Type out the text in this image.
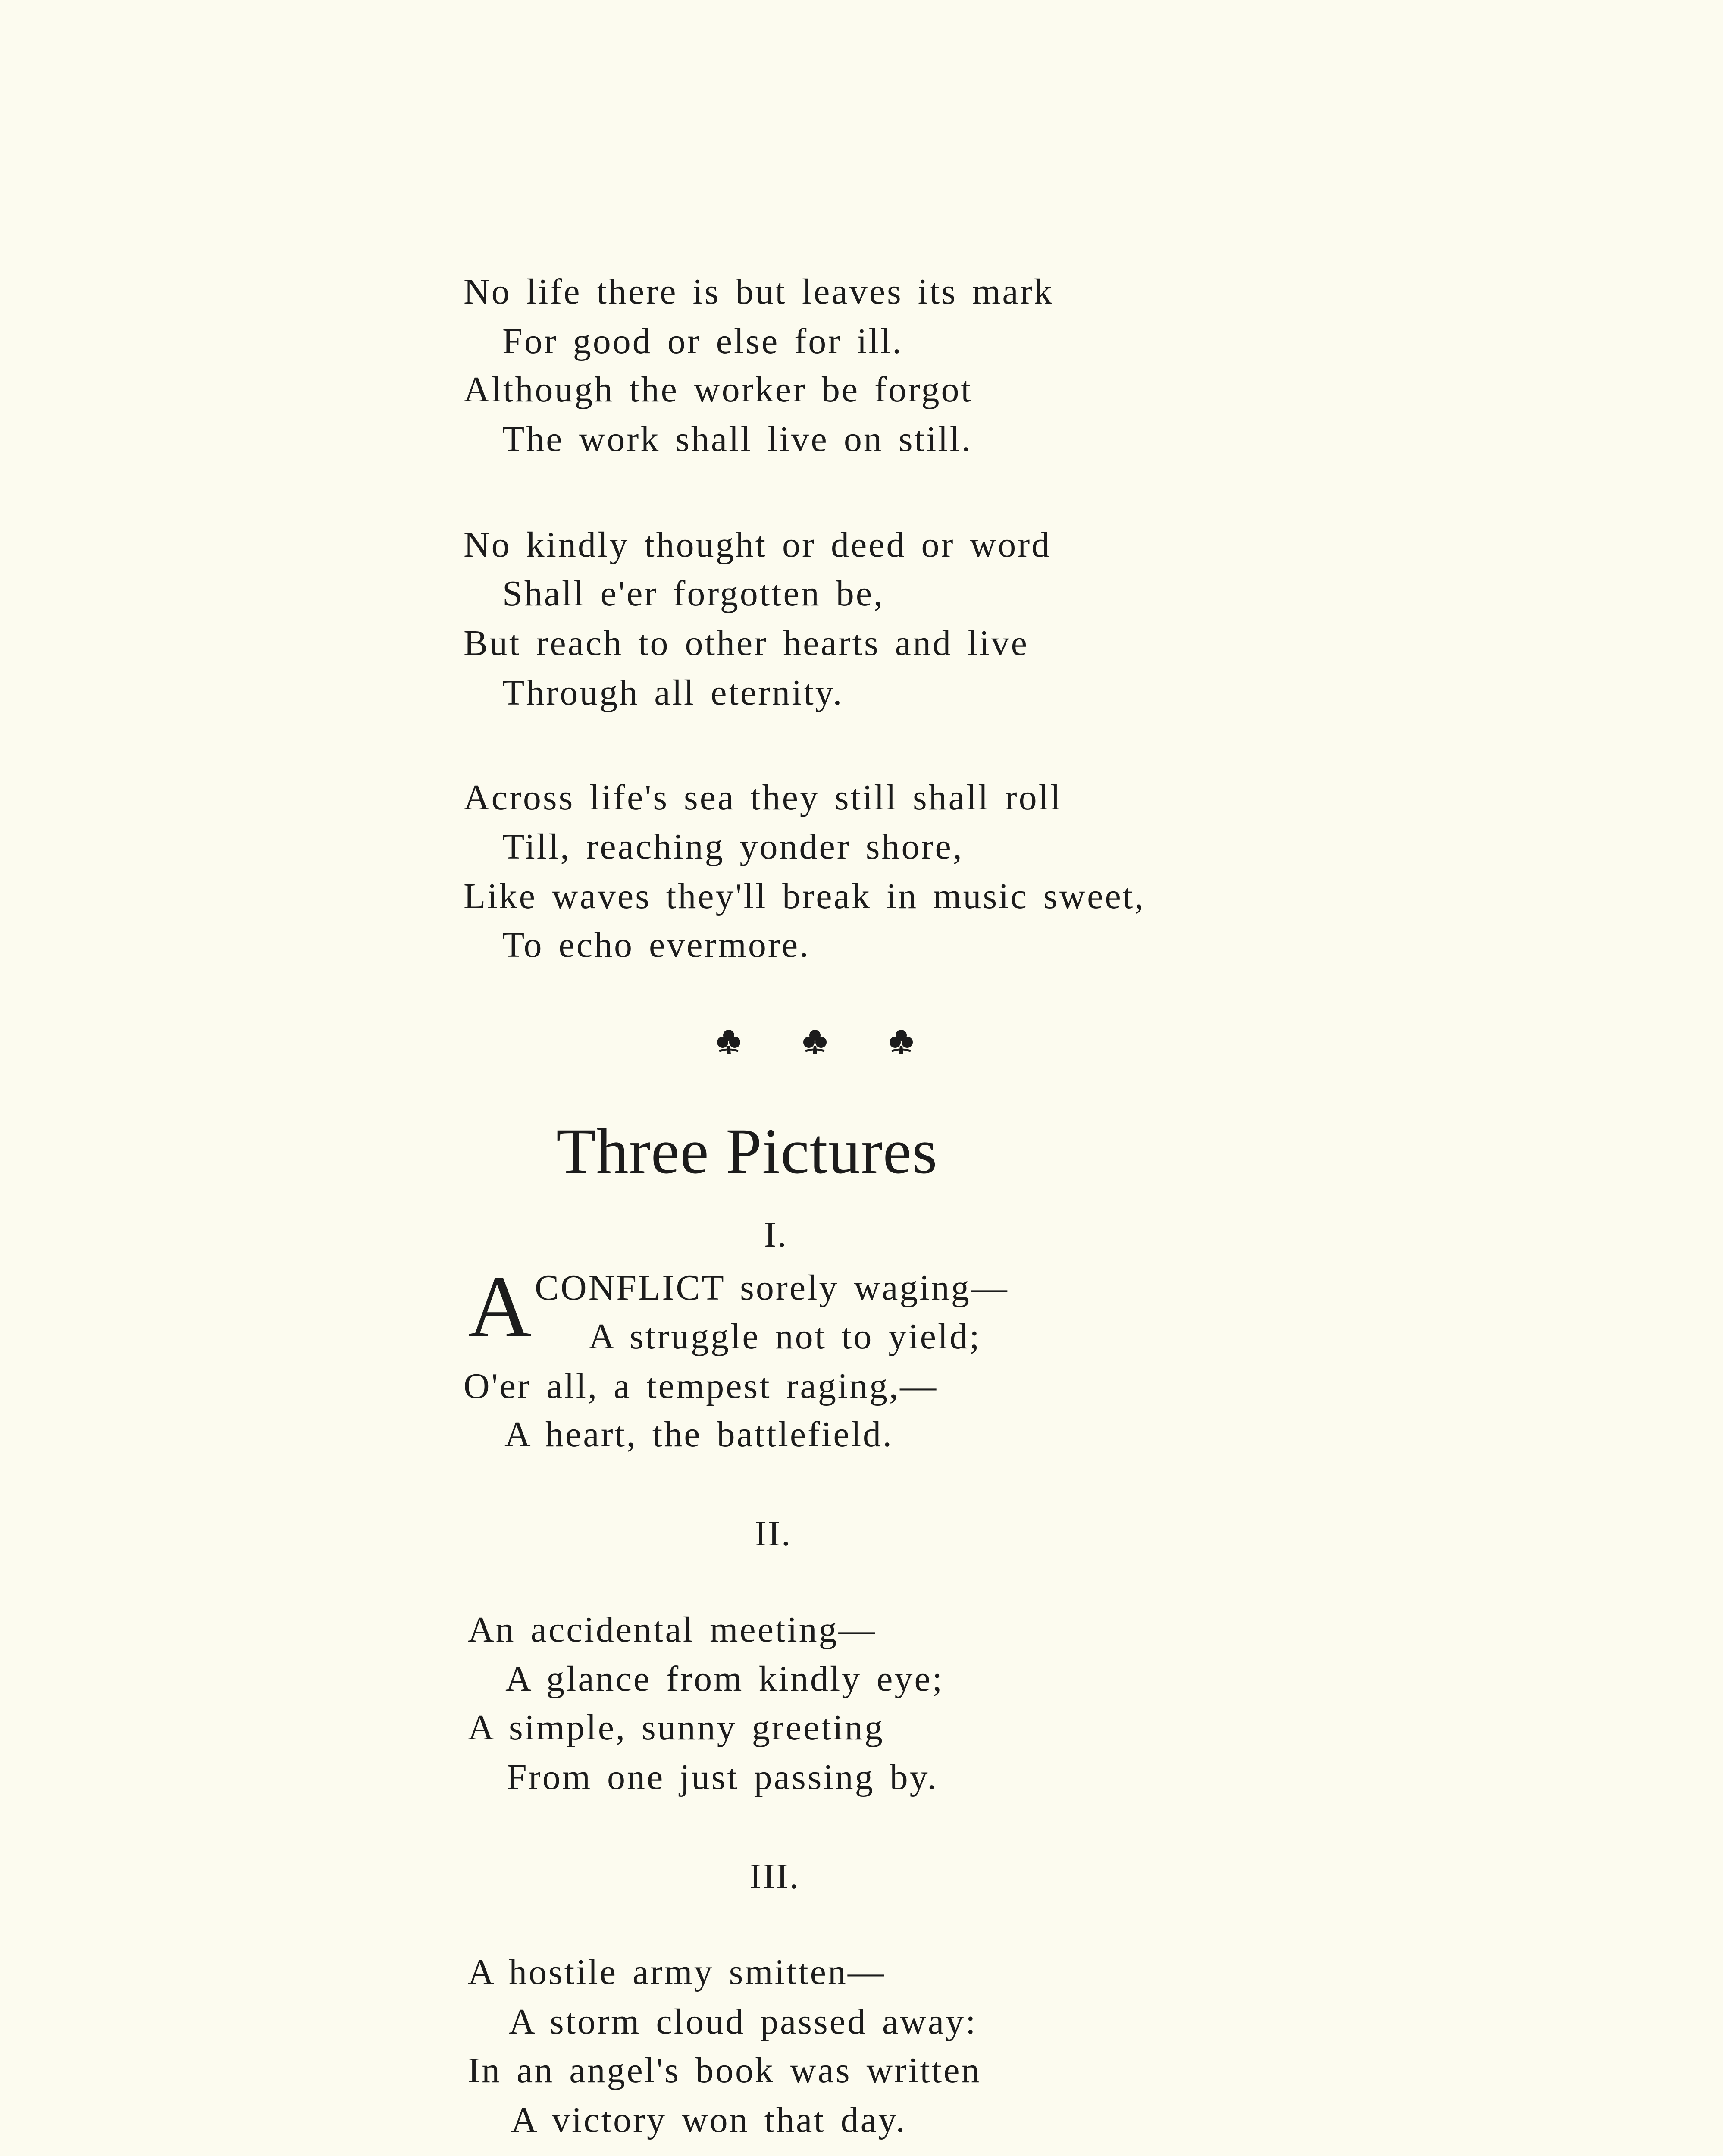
No life there is but leaves its mark
For good or else for ill.
Although the worker be forgot
The work shall live on still.
No kindly thought or deed or word
Shall e'er forgotten be,
But reach to other hearts and live
Through all eternity.
Across life's sea they still shall roll
Till, reaching yonder shore,
Like waves they'll break in music sweet,
To echo evermore.
Three Pictures
I.
A CONFLICT sorely waging—
A struggle not to yield;
O'er all, a tempest raging,—
A heart, the battlefield.
II.
An accidental meeting—
A glance from kindly eye;
A simple, sunny greeting
From one just passing by.
III.
A hostile army smitten—
A storm cloud passed away:
In an angel's book was written
A victory won that day.
